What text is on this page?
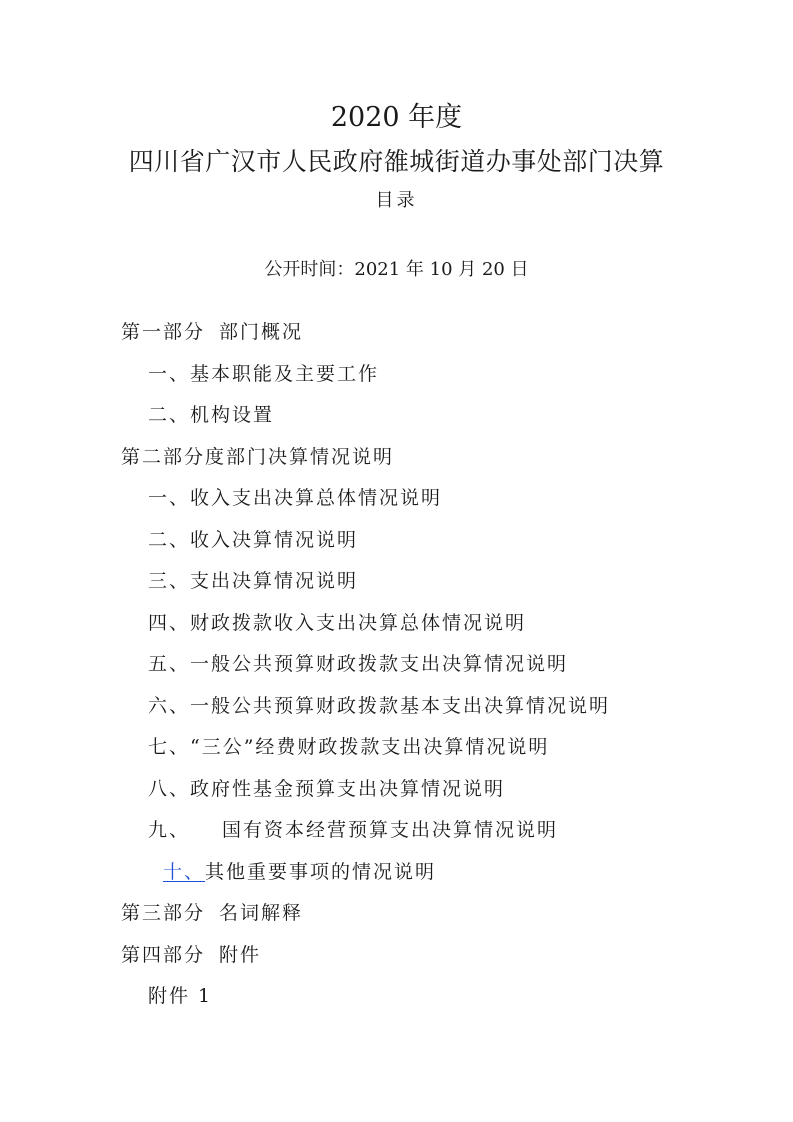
2020 年度
四川省广汉市人民政府雒城街道办事处部门决算
目录
公开时间：2021 年 10 月 20 日
第一部分 部门概况
一、基本职能及主要工作
二、机构设置
第二部分度部门决算情况说明
一、收入支出决算总体情况说明
二、收入决算情况说明
三、支出决算情况说明
四、财政拨款收入支出决算总体情况说明
五、一般公共预算财政拨款支出决算情况说明
六、一般公共预算财政拨款基本支出决算情况说明
七、“三公”经费财政拨款支出决算情况说明
八、政府性基金预算支出决算情况说明
九、 国有资本经营预算支出决算情况说明
十、其他重要事项的情况说明
第三部分 名词解释
第四部分 附件
附件 1
